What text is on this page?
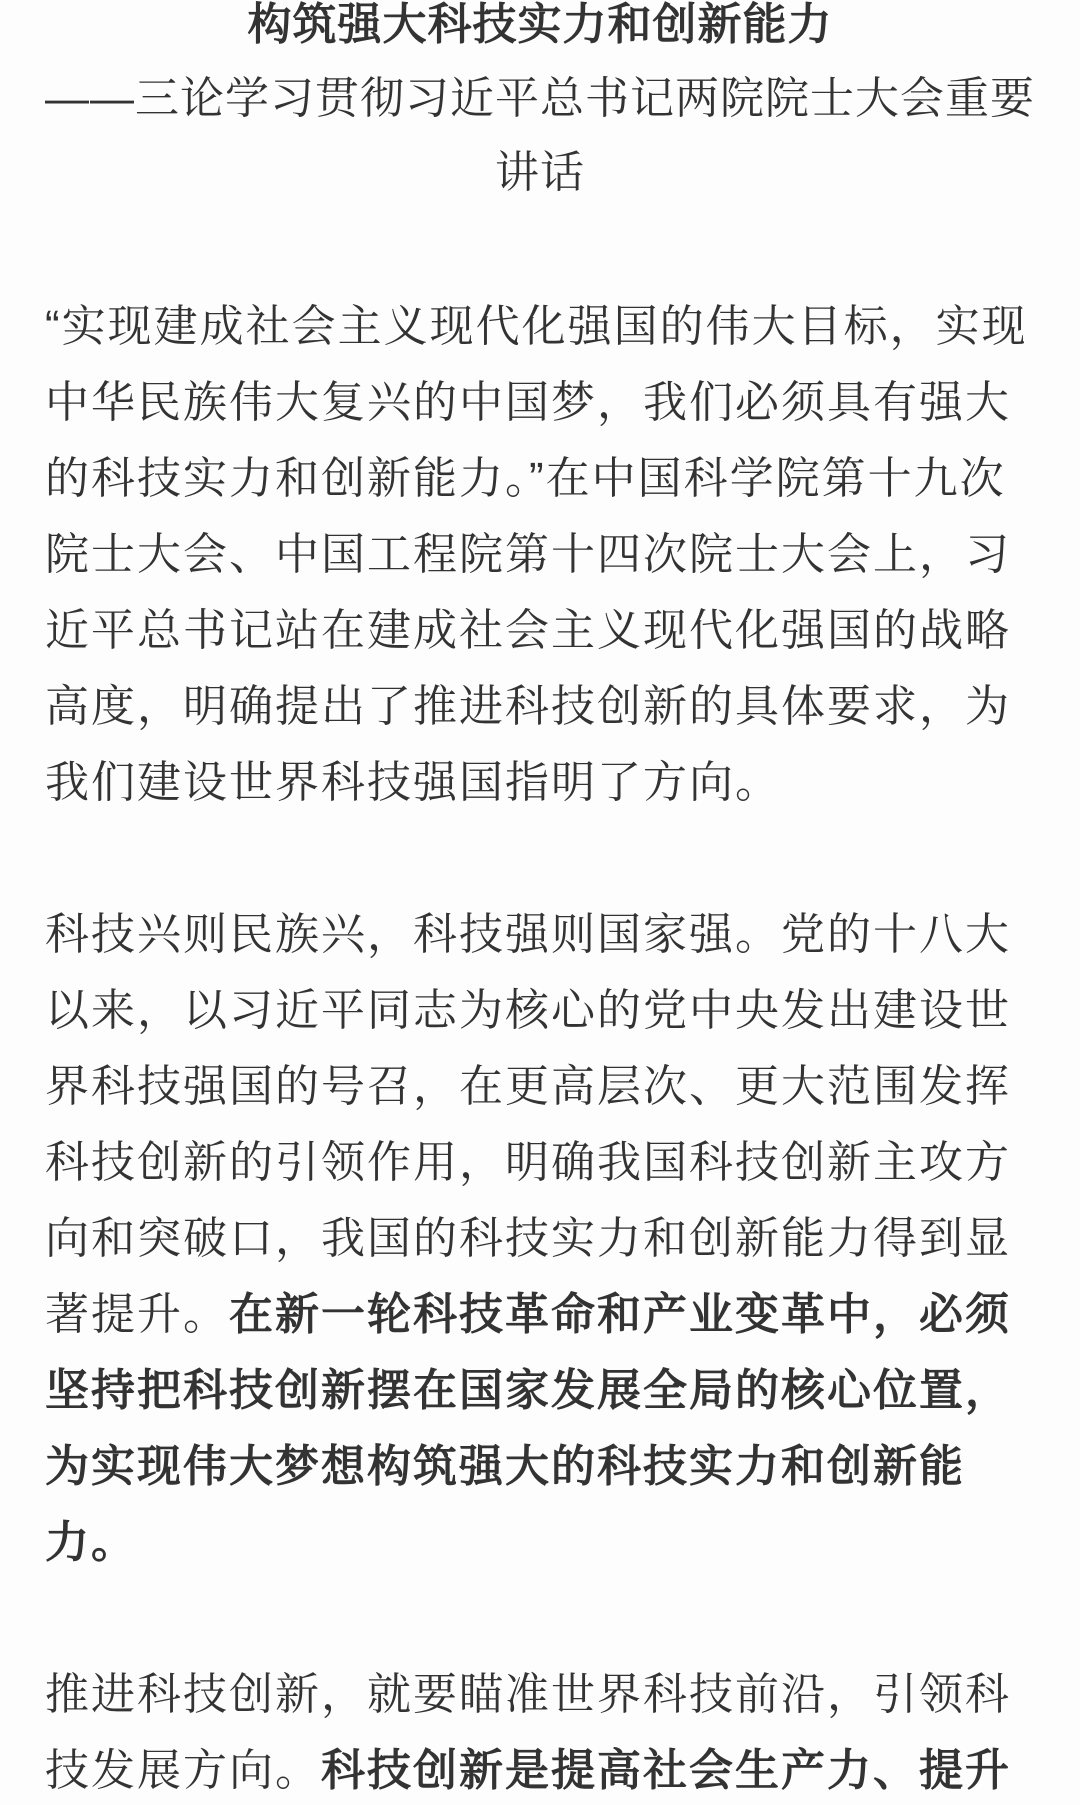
构筑强大科技实力和创新能力
——三论学习贯彻习近平总书记两院院士大会重要讲话

“实现建成社会主义现代化强国的伟大目标，实现中华民族伟大复兴的中国梦，我们必须具有强大的科技实力和创新能力。”在中国科学院第十九次院士大会、中国工程院第十四次院士大会上，习近平总书记站在建成社会主义现代化强国的战略高度，明确提出了推进科技创新的具体要求，为我们建设世界科技强国指明了方向。

科技兴则民族兴，科技强则国家强。党的十八大以来，以习近平同志为核心的党中央发出建设世界科技强国的号召，在更高层次、更大范围发挥科技创新的引领作用，明确我国科技创新主攻方向和突破口，我国的科技实力和创新能力得到显著提升。在新一轮科技革命和产业变革中，必须坚持把科技创新摆在国家发展全局的核心位置，为实现伟大梦想构筑强大的科技实力和创新能力。

推进科技创新，就要瞄准世界科技前沿，引领科技发展方向。科技创新是提高社会生产力、提升
